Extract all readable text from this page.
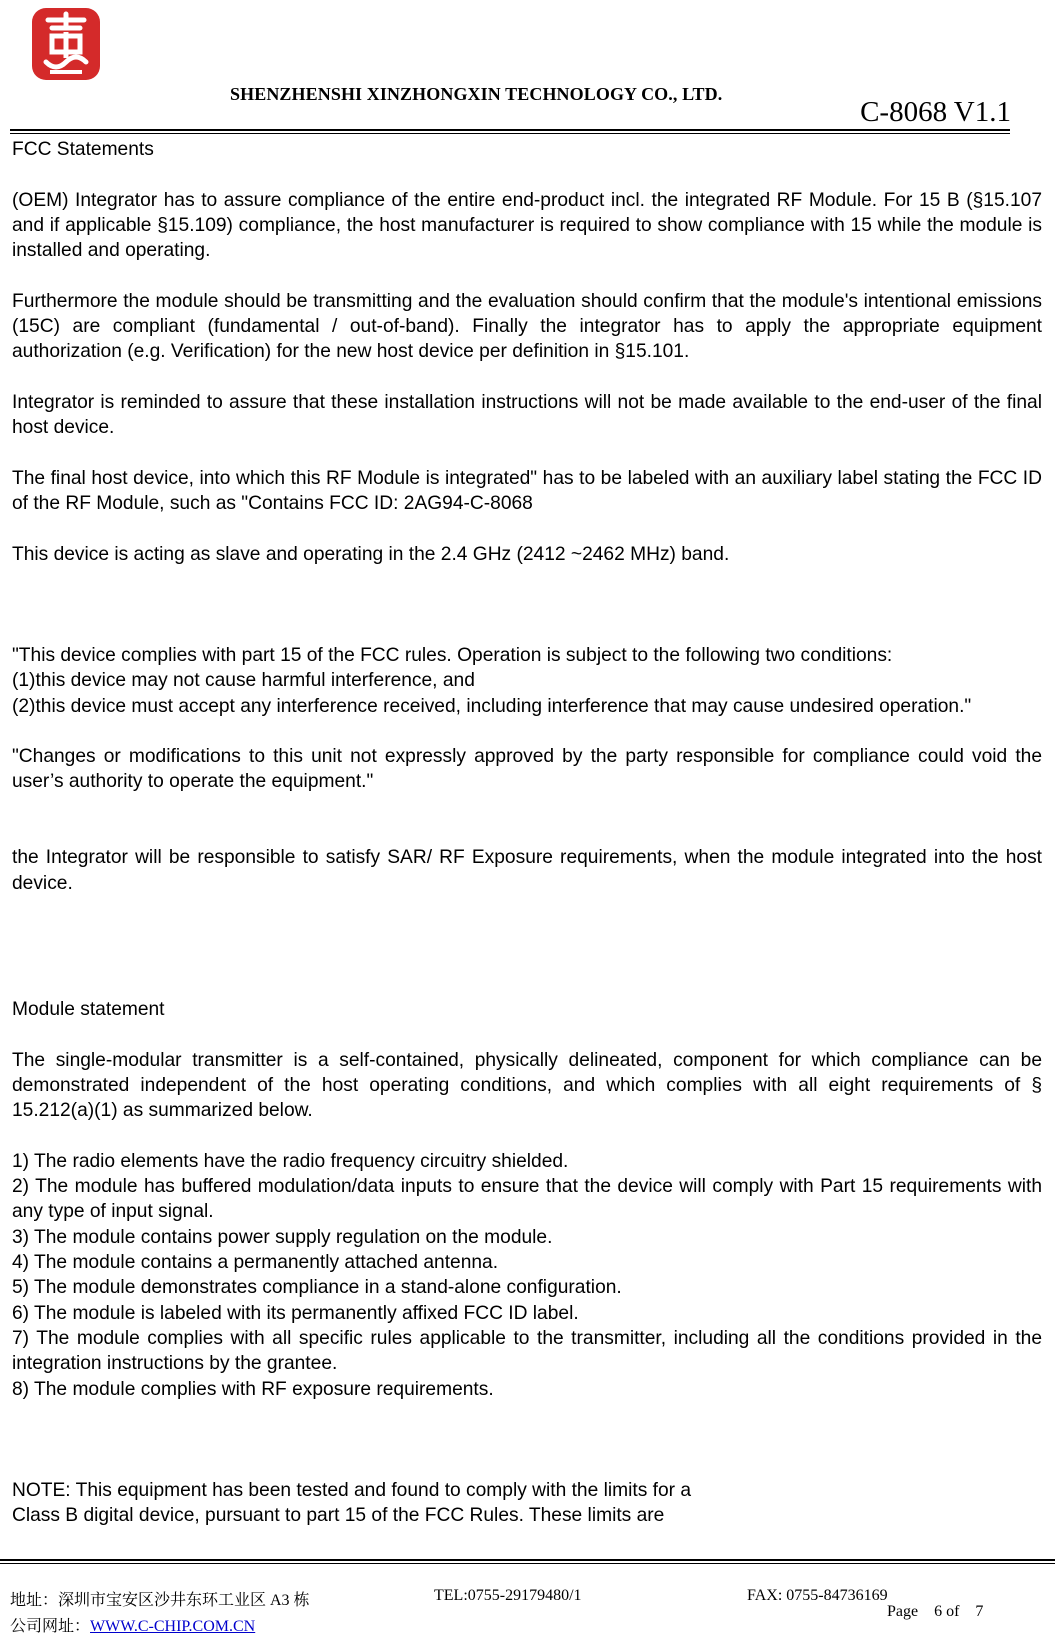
SHENZHENSHI XINZHONGXIN TECHNOLOGY CO., LTD.
C-8068 V1.1

FCC Statements

(OEM) Integrator has to assure compliance of the entire end-product incl. the integrated RF Module. For 15 B (§15.107 and if applicable §15.109) compliance, the host manufacturer is required to show compliance with 15 while the module is installed and operating.

Furthermore the module should be transmitting and the evaluation should confirm that the module's intentional emissions (15C) are compliant (fundamental / out-of-band). Finally the integrator has to apply the appropriate equipment authorization (e.g. Verification) for the new host device per definition in §15.101.

Integrator is reminded to assure that these installation instructions will not be made available to the end-user of the final host device.

The final host device, into which this RF Module is integrated" has to be labeled with an auxiliary label stating the FCC ID of the RF Module, such as "Contains FCC ID: 2AG94-C-8068

This device is acting as slave and operating in the 2.4 GHz (2412 ~2462 MHz) band.

"This device complies with part 15 of the FCC rules. Operation is subject to the following two conditions:

(1)this device may not cause harmful interference, and

(2)this device must accept any interference received, including interference that may cause undesired operation."

"Changes or modifications to this unit not expressly approved by the party responsible for compliance could void the user’s authority to operate the equipment."

the Integrator will be responsible to satisfy SAR/ RF Exposure requirements, when the module integrated into the host device.

Module statement

The single-modular transmitter is a self-contained, physically delineated, component for which compliance can be demonstrated independent of the host operating conditions, and which complies with all eight requirements of § 15.212(a)(1) as summarized below.

1) The radio elements have the radio frequency circuitry shielded.

2) The module has buffered modulation/data inputs to ensure that the device will comply with Part 15 requirements with any type of input signal.

3) The module contains power supply regulation on the module.

4) The module contains a permanently attached antenna.

5) The module demonstrates compliance in a stand-alone configuration.

6) The module is labeled with its permanently affixed FCC ID label.

7) The module complies with all specific rules applicable to the transmitter, including all the conditions provided in the integration instructions by the grantee.

8) The module complies with RF exposure requirements.

NOTE: This equipment has been tested and found to comply with the limits for a

Class B digital device, pursuant to part 15 of the FCC Rules. These limits are

地址：深圳市宝安区沙井东环工业区 A3 栋
公司网址：WWW.C-CHIP.COM.CN
TEL:0755-29179480/1	FAX: 0755-84736169
Page    6 of    7
